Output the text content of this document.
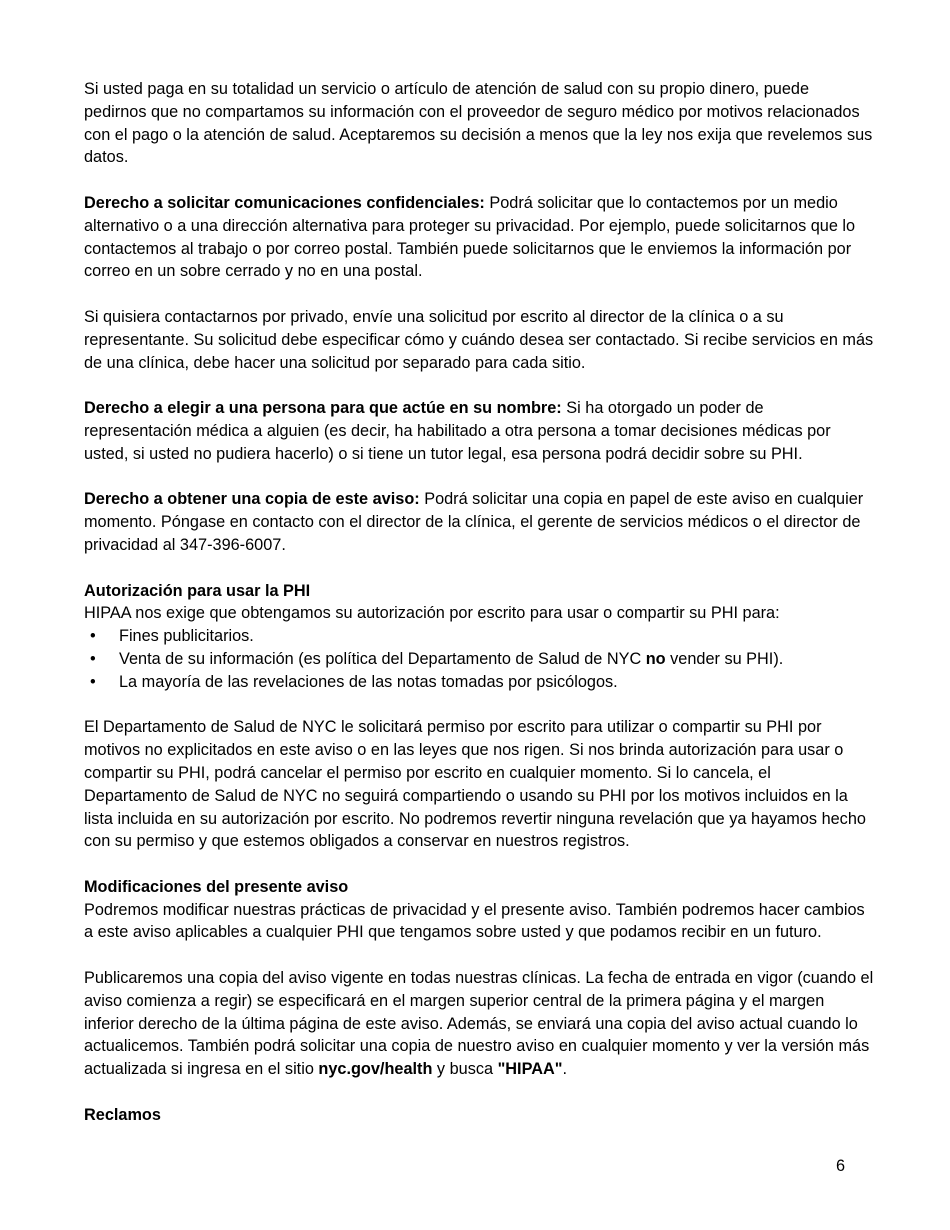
Si usted paga en su totalidad un servicio o artículo de atención de salud con su propio dinero, puede pedirnos que no compartamos su información con el proveedor de seguro médico por motivos relacionados con el pago o la atención de salud. Aceptaremos su decisión a menos que la ley nos exija que revelemos sus datos.

Derecho a solicitar comunicaciones confidenciales: Podrá solicitar que lo contactemos por un medio alternativo o a una dirección alternativa para proteger su privacidad. Por ejemplo, puede solicitarnos que lo contactemos al trabajo o por correo postal. También puede solicitarnos que le enviemos la información por correo en un sobre cerrado y no en una postal.

Si quisiera contactarnos por privado, envíe una solicitud por escrito al director de la clínica o a su representante. Su solicitud debe especificar cómo y cuándo desea ser contactado. Si recibe servicios en más de una clínica, debe hacer una solicitud por separado para cada sitio.

Derecho a elegir a una persona para que actúe en su nombre: Si ha otorgado un poder de representación médica a alguien (es decir, ha habilitado a otra persona a tomar decisiones médicas por usted, si usted no pudiera hacerlo) o si tiene un tutor legal, esa persona podrá decidir sobre su PHI.

Derecho a obtener una copia de este aviso: Podrá solicitar una copia en papel de este aviso en cualquier momento. Póngase en contacto con el director de la clínica, el gerente de servicios médicos o el director de privacidad al 347-396-6007.

Autorización para usar la PHI
HIPAA nos exige que obtengamos su autorización por escrito para usar o compartir su PHI para:
• Fines publicitarios.
• Venta de su información (es política del Departamento de Salud de NYC no vender su PHI).
• La mayoría de las revelaciones de las notas tomadas por psicólogos.

El Departamento de Salud de NYC le solicitará permiso por escrito para utilizar o compartir su PHI por motivos no explicitados en este aviso o en las leyes que nos rigen. Si nos brinda autorización para usar o compartir su PHI, podrá cancelar el permiso por escrito en cualquier momento. Si lo cancela, el Departamento de Salud de NYC no seguirá compartiendo o usando su PHI por los motivos incluidos en la lista incluida en su autorización por escrito. No podremos revertir ninguna revelación que ya hayamos hecho con su permiso y que estemos obligados a conservar en nuestros registros.

Modificaciones del presente aviso

Podremos modificar nuestras prácticas de privacidad y el presente aviso. También podremos hacer cambios a este aviso aplicables a cualquier PHI que tengamos sobre usted y que podamos recibir en un futuro.

Publicaremos una copia del aviso vigente en todas nuestras clínicas. La fecha de entrada en vigor (cuando el aviso comienza a regir) se especificará en el margen superior central de la primera página y el margen inferior derecho de la última página de este aviso. Además, se enviará una copia del aviso actual cuando lo actualicemos. También podrá solicitar una copia de nuestro aviso en cualquier momento y ver la versión más actualizada si ingresa en el sitio nyc.gov/health y busca "HIPAA".

Reclamos
6
